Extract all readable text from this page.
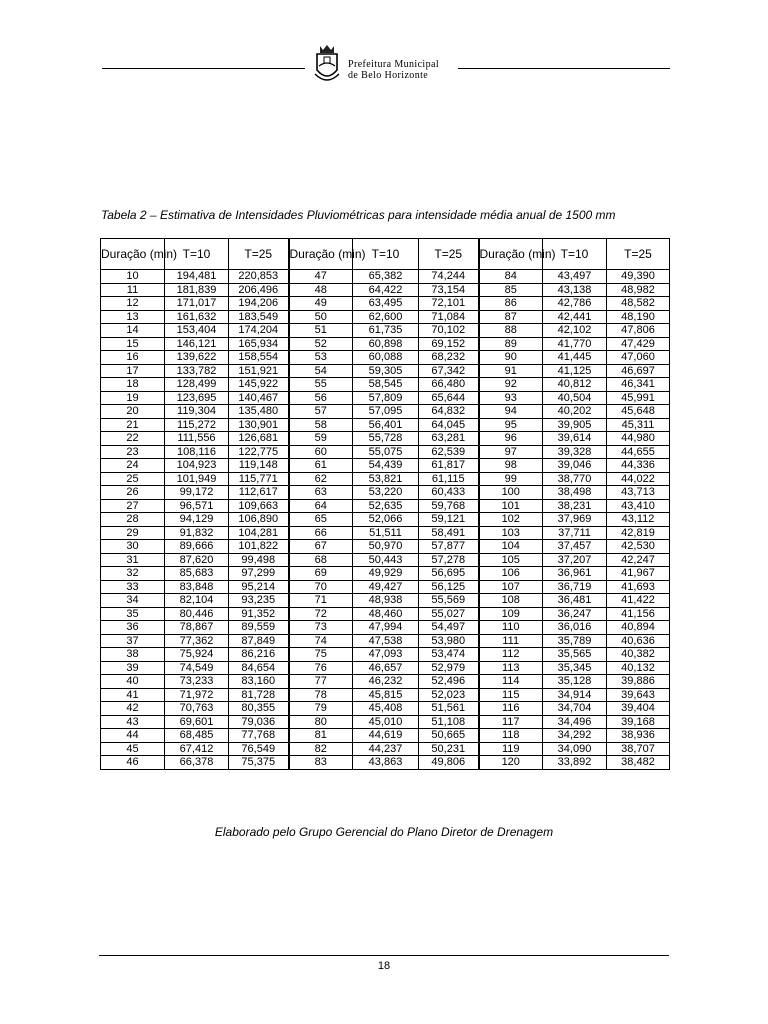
Prefeitura Municipal
de Belo Horizonte
Tabela 2 – Estimativa de Intensidades Pluviométricas para intensidade média anual de 1500 mm
Duração (min)	T=10	T=25	Duração (min)	T=10	T=25	Duração (min)	T=10	T=25
10	194,481	220,853	47	65,382	74,244	84	43,497	49,390
11	181,839	206,496	48	64,422	73,154	85	43,138	48,982
12	171,017	194,206	49	63,495	72,101	86	42,786	48,582
13	161,632	183,549	50	62,600	71,084	87	42,441	48,190
14	153,404	174,204	51	61,735	70,102	88	42,102	47,806
15	146,121	165,934	52	60,898	69,152	89	41,770	47,429
16	139,622	158,554	53	60,088	68,232	90	41,445	47,060
17	133,782	151,921	54	59,305	67,342	91	41,125	46,697
18	128,499	145,922	55	58,545	66,480	92	40,812	46,341
19	123,695	140,467	56	57,809	65,644	93	40,504	45,991
20	119,304	135,480	57	57,095	64,832	94	40,202	45,648
21	115,272	130,901	58	56,401	64,045	95	39,905	45,311
22	111,556	126,681	59	55,728	63,281	96	39,614	44,980
23	108,116	122,775	60	55,075	62,539	97	39,328	44,655
24	104,923	119,148	61	54,439	61,817	98	39,046	44,336
25	101,949	115,771	62	53,821	61,115	99	38,770	44,022
26	99,172	112,617	63	53,220	60,433	100	38,498	43,713
27	96,571	109,663	64	52,635	59,768	101	38,231	43,410
28	94,129	106,890	65	52,066	59,121	102	37,969	43,112
29	91,832	104,281	66	51,511	58,491	103	37,711	42,819
30	89,666	101,822	67	50,970	57,877	104	37,457	42,530
31	87,620	99,498	68	50,443	57,278	105	37,207	42,247
32	85,683	97,299	69	49,929	56,695	106	36,961	41,967
33	83,848	95,214	70	49,427	56,125	107	36,719	41,693
34	82,104	93,235	71	48,938	55,569	108	36,481	41,422
35	80,446	91,352	72	48,460	55,027	109	36,247	41,156
36	78,867	89,559	73	47,994	54,497	110	36,016	40,894
37	77,362	87,849	74	47,538	53,980	111	35,789	40,636
38	75,924	86,216	75	47,093	53,474	112	35,565	40,382
39	74,549	84,654	76	46,657	52,979	113	35,345	40,132
40	73,233	83,160	77	46,232	52,496	114	35,128	39,886
41	71,972	81,728	78	45,815	52,023	115	34,914	39,643
42	70,763	80,355	79	45,408	51,561	116	34,704	39,404
43	69,601	79,036	80	45,010	51,108	117	34,496	39,168
44	68,485	77,768	81	44,619	50,665	118	34,292	38,936
45	67,412	76,549	82	44,237	50,231	119	34,090	38,707
46	66,378	75,375	83	43,863	49,806	120	33,892	38,482
Elaborado pelo Grupo Gerencial do Plano Diretor de Drenagem
18
